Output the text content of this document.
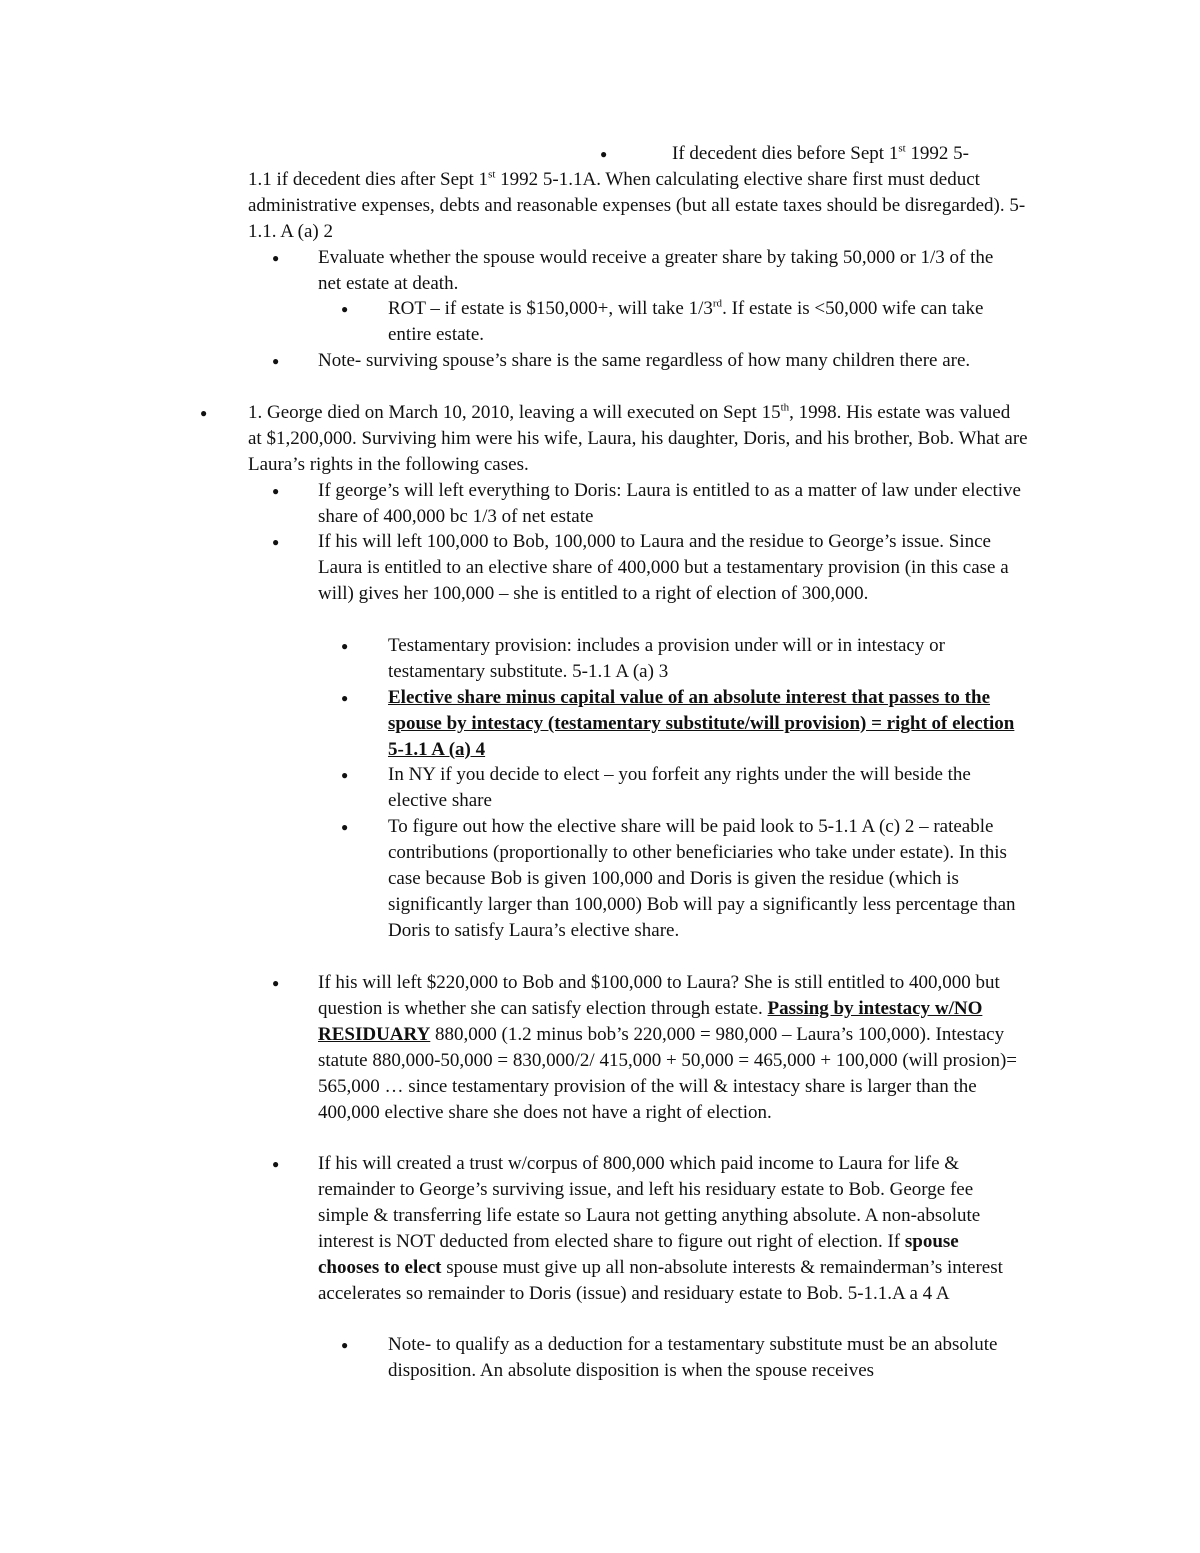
●	If decedent dies before Sept 1st 1992 5-
1.1 if decedent dies after Sept 1st 1992 5-1.1A. When calculating elective share first must deduct administrative expenses, debts and reasonable expenses (but all estate taxes should be disregarded). 5-1.1. A (a) 2
● Evaluate whether the spouse would receive a greater share by taking 50,000 or 1/3 of the net estate at death.
● ROT – if estate is $150,000+, will take 1/3rd. If estate is <50,000 wife can take entire estate.
● Note- surviving spouse’s share is the same regardless of how many children there are.
● 1. George died on March 10, 2010, leaving a will executed on Sept 15th, 1998. His estate was valued at $1,200,000. Surviving him were his wife, Laura, his daughter, Doris, and his brother, Bob. What are Laura’s rights in the following cases.
● If george’s will left everything to Doris: Laura is entitled to as a matter of law under elective share of 400,000 bc 1/3 of net estate
● If his will left 100,000 to Bob, 100,000 to Laura and the residue to George’s issue. Since Laura is entitled to an elective share of 400,000 but a testamentary provision (in this case a will) gives her 100,000 – she is entitled to a right of election of 300,000.
● Testamentary provision: includes a provision under will or in intestacy or testamentary substitute. 5-1.1 A (a) 3
● Elective share minus capital value of an absolute interest that passes to the spouse by intestacy (testamentary substitute/will provision) = right of election 5-1.1 A (a) 4
● In NY if you decide to elect – you forfeit any rights under the will beside the elective share
● To figure out how the elective share will be paid look to 5-1.1 A (c) 2 – rateable contributions (proportionally to other beneficiaries who take under estate). In this case because Bob is given 100,000 and Doris is given the residue (which is significantly larger than 100,000) Bob will pay a significantly less percentage than Doris to satisfy Laura’s elective share.
● If his will left $220,000 to Bob and $100,000 to Laura? She is still entitled to 400,000 but question is whether she can satisfy election through estate. Passing by intestacy w/NO RESIDUARY 880,000 (1.2 minus bob’s 220,000 = 980,000 – Laura’s 100,000). Intestacy statute 880,000-50,000 = 830,000/2/ 415,000 + 50,000 = 465,000 + 100,000 (will prosion)= 565,000 … since testamentary provision of the will & intestacy share is larger than the 400,000 elective share she does not have a right of election.
● If his will created a trust w/corpus of 800,000 which paid income to Laura for life & remainder to George’s surviving issue, and left his residuary estate to Bob. George fee simple & transferring life estate so Laura not getting anything absolute. A non-absolute interest is NOT deducted from elected share to figure out right of election. If spouse chooses to elect spouse must give up all non-absolute interests & remainderman’s interest accelerates so remainder to Doris (issue) and residuary estate to Bob. 5-1.1.A a 4 A
● Note- to qualify as a deduction for a testamentary substitute must be an absolute disposition. An absolute disposition is when the spouse receives
